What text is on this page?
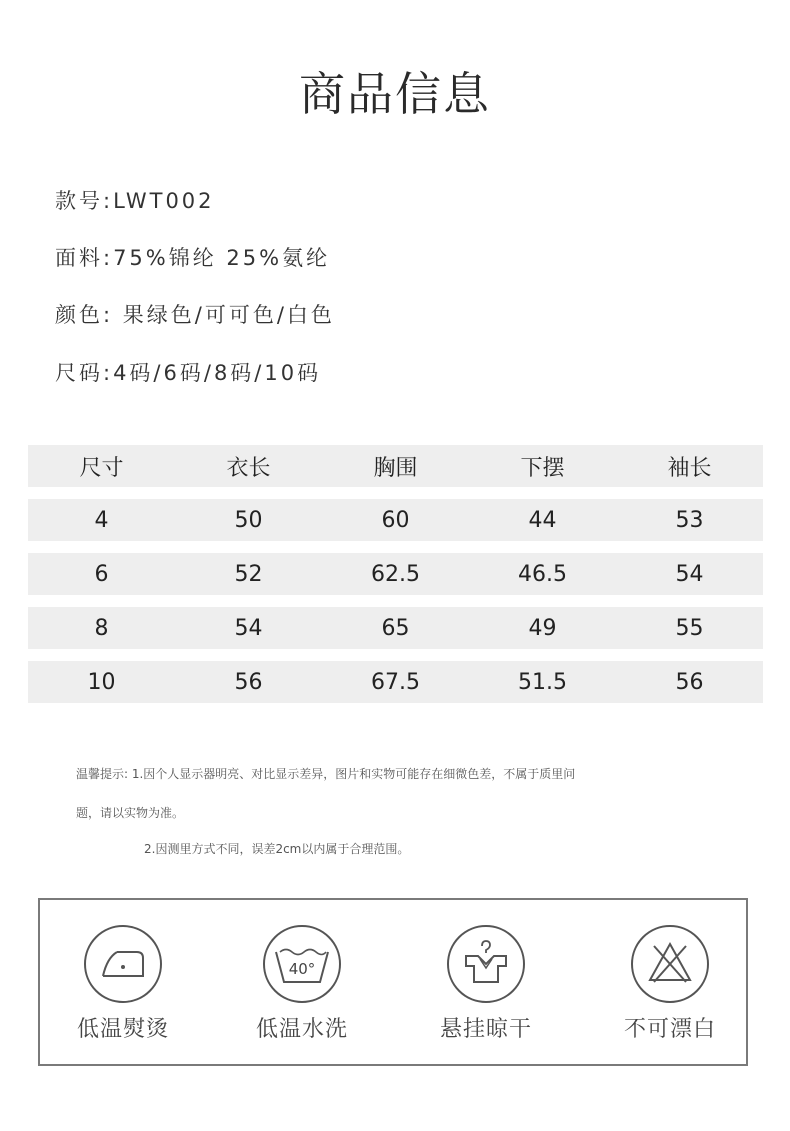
商品信息
款号:LWT002
面料:75%锦纶 25%氨纶
颜色: 果绿色/可可色/白色
尺码:4码/6码/8码/10码
尺寸	衣长	胸围	下摆	袖长
4	50	60	44	53
6	52	62.5	46.5	54
8	54	65	49	55
10	56	67.5	51.5	56
温馨提示: 1.因个人显示器明亮、对比显示差异，图片和实物可能存在细微色差，不属于质里问
题，请以实物为准。
2.因测里方式不同，误差2cm以内属于合理范围。
低温熨烫
40°
低温水洗	悬挂晾干	不可漂白
